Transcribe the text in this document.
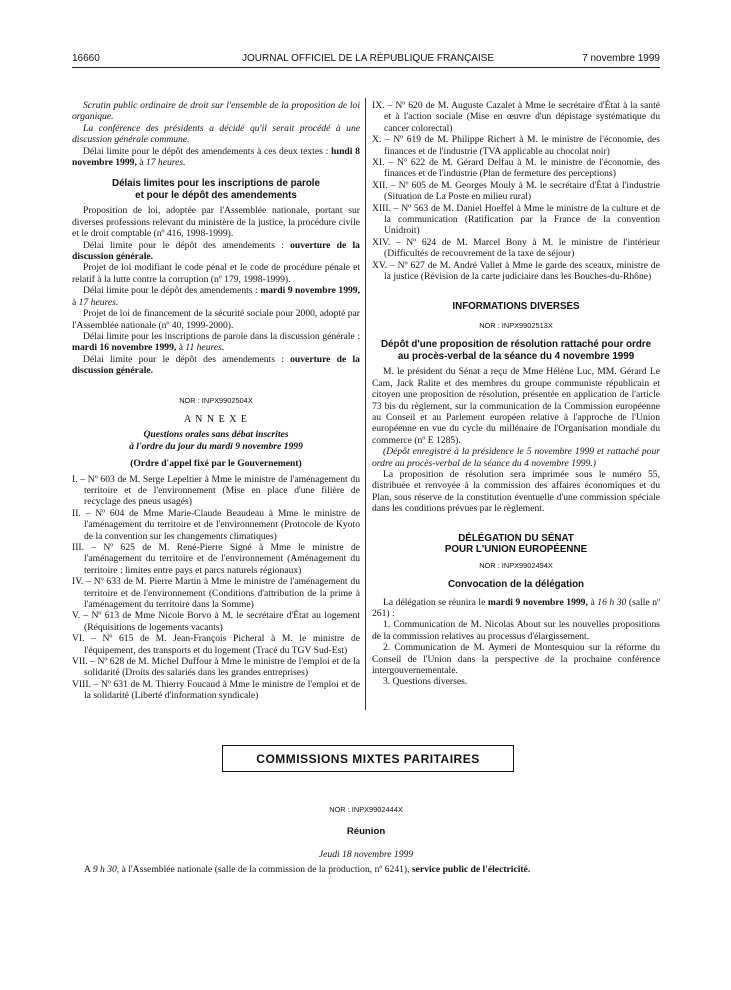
16660	JOURNAL OFFICIEL DE LA RÉPUBLIQUE FRANÇAISE	7 novembre 1999

Scrutin public ordinaire de droit sur l'ensemble de la proposition de loi organique.

La conférence des présidents a décidé qu'il serait procédé à une discussion générale commune.

Délai limite pour le dépôt des amendements à ces deux textes : lundi 8 novembre 1999, à 17 heures.

Délais limites pour les inscriptions de parole
et pour le dépôt des amendements

Proposition de loi, adoptée par l'Assemblée nationale, portant sur diverses professions relevant du ministère de la justice, la procédure civile et le droit comptable (nº 416, 1998-1999).

Délai limite pour le dépôt des amendements : ouverture de la discussion générale.

Projet de loi modifiant le code pénal et le code de procédure pénale et relatif à la lutte contre la corruption (nº 179, 1998-1999).

Délai limite pour le dépôt des amendements : mardi 9 novembre 1999, à 17 heures.

Projet de loi de financement de la sécurité sociale pour 2000, adopté par l'Assemblée nationale (nº 40, 1999-2000).

Délai limite pour les inscriptions de parole dans la discussion générale : mardi 16 novembre 1999, à 11 heures.

Délai limite pour le dépôt des amendements : ouverture de la discussion générale.

NOR : INPX9902504X
A N N E X E
Questions orales sans débat inscrites
à l'ordre du jour du mardi 9 novembre 1999
(Ordre d'appel fixé par le Gouvernement)

I. – Nº 603 de M. Serge Lepeltier à Mme le ministre de l'aménagement du territoire et de l'environnement (Mise en place d'une filière de recyclage des pneus usagés)

II. – Nº 604 de Mme Marie-Claude Beaudeau à Mme le ministre de l'aménagement du territoire et de l'environnement (Protocole de Kyoto de la convention sur les changements climatiques)

III. – Nº 625 de M. René-Pierre Signé à Mme le ministre de l'aménagement du territoire et de l'environnement (Aménagement du territoire : limites entre pays et parcs naturels régionaux)

IV. – Nº 633 de M. Pierre Martin à Mme le ministre de l'aménagement du territoire et de l'environnement (Conditions d'attribution de la prime à l'aménagement du territoire dans la Somme)

V. – Nº 613 de Mme Nicole Borvo à M. le secrétaire d'État au logement (Réquisitions de logements vacants)

VI. – Nº 615 de M. Jean-François Picheral à M. le ministre de l'équipement, des transports et du logement (Tracé du TGV Sud-Est)

VII. – Nº 628 de M. Michel Duffour à Mme le ministre de l'emploi et de la solidarité (Droits des salariés dans les grandes entreprises)

VIII. – Nº 631 de M. Thierry Foucaud à Mme le ministre de l'emploi et de la solidarité (Liberté d'information syndicale)

IX. – Nº 620 de M. Auguste Cazalet à Mme le secrétaire d'État à la santé et à l'action sociale (Mise en œuvre d'un dépistage systématique du cancer colorectal)

X. – Nº 619 de M. Philippe Richert à M. le ministre de l'économie, des finances et de l'industrie (TVA applicable au chocolat noir)

XI. – Nº 622 de M. Gérard Delfau à M. le ministre de l'économie, des finances et de l'industrie (Plan de fermeture des perceptions)

XII. – Nº 605 de M. Georges Mouly à M. le secrétaire d'État à l'industrie (Situation de La Poste en milieu rural)

XIII. – Nº 563 de M. Daniel Hoeffel à Mme le ministre de la culture et de la communication (Ratification par la France de la convention Unidroit)

XIV. – Nº 624 de M. Marcel Bony à M. le ministre de l'intérieur (Difficultés de recouvrement de la taxe de séjour)

XV. – Nº 627 de M. André Vallet à Mme le garde des sceaux, ministre de la justice (Révision de la carte judiciaire dans les Bouches-du-Rhône)

INFORMATIONS DIVERSES
NOR : INPX9902513X
Dépôt d'une proposition de résolution rattaché pour ordre
au procès-verbal de la séance du 4 novembre 1999

M. le président du Sénat a reçu de Mme Hélène Luc, MM. Gérard Le Cam, Jack Ralite et des membres du groupe communiste républicain et citoyen une proposition de résolution, présentée en application de l'article 73 bis du règlement, sur la communication de la Commission européenne au Conseil et au Parlement européen relative à l'approche de l'Union européenne en vue du cycle du millénaire de l'Organisation mondiale du commerce (nº E 1285).

(Dépôt enregistré à la présidence le 5 novembre 1999 et rattaché pour ordre au procès-verbal de la séance du 4 novembre 1999.)

La proposition de résolution sera imprimée sous le numéro 55, distribuée et renvoyée à la commission des affaires économiques et du Plan, sous réserve de la constitution éventuelle d'une commission spéciale dans les conditions prévues par le règlement.

DÉLÉGATION DU SÉNAT
POUR L'UNION EUROPÉENNE
NOR : INPX9902494X
Convocation de la délégation

La délégation se réunira le mardi 9 novembre 1999, à 16 h 30 (salle nº 261) :

1. Communication de M. Nicolas About sur les nouvelles propositions de la commission relatives au processus d'élargissement.

2. Communication de M. Aymeri de Montesquiou sur la réforme du Conseil de l'Union dans la perspective de la prochaine conférence intergouvernementale.

3. Questions diverses.

COMMISSIONS MIXTES PARITAIRES
NOR : INPX9902444X
Réunion
Jeudi 18 novembre 1999
A 9 h 30, à l'Assemblée nationale (salle de la commission de la production, nº 6241), service public de l'électricité.
